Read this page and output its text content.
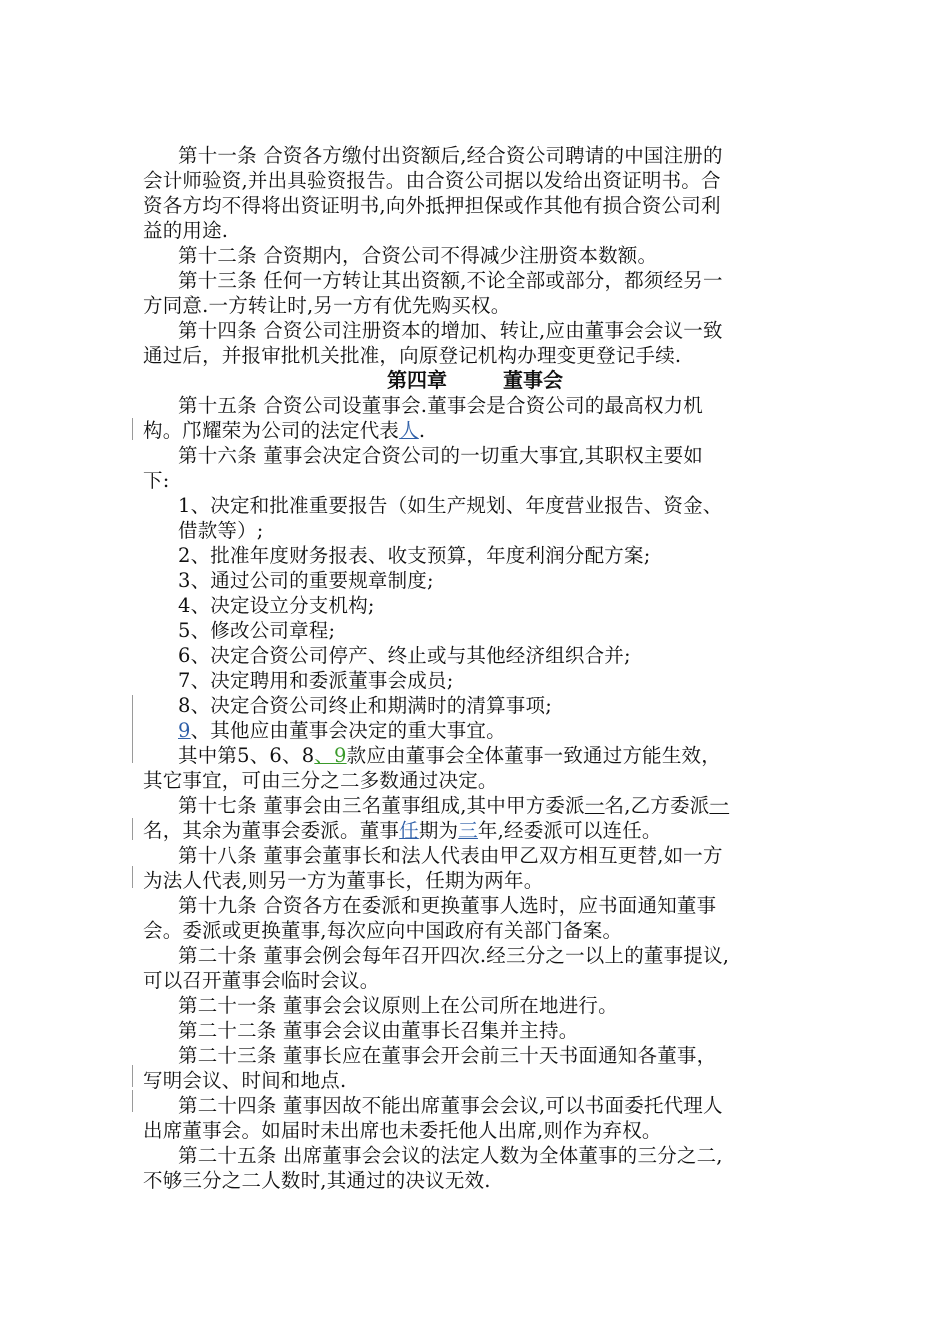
第十一条 合资各方缴付出资额后,经合资公司聘请的中国注册的
会计师验资,并出具验资报告。由合资公司据以发给出资证明书。合
资各方均不得将出资证明书,向外抵押担保或作其他有损合资公司利
益的用途.
第十二条 合资期内，合资公司不得减少注册资本数额。
第十三条 任何一方转让其出资额,不论全部或部分，都须经另一
方同意.一方转让时,另一方有优先购买权。
第十四条 合资公司注册资本的增加、转让,应由董事会会议一致
通过后，并报审批机关批准，向原登记机构办理变更登记手续.
第四章	董事会
第十五条 合资公司设董事会.董事会是合资公司的最高权力机
构。邝耀荣为公司的法定代表人.
第十六条 董事会决定合资公司的一切重大事宜,其职权主要如
下:
1、决定和批准重要报告（如生产规划、年度营业报告、资金、
借款等）;
2、批准年度财务报表、收支预算，年度利润分配方案;
3、通过公司的重要规章制度;
4、决定设立分支机构;
5、修改公司章程;
6、决定合资公司停产、终止或与其他经济组织合并;
7、决定聘用和委派董事会成员;
8、决定合资公司终止和期满时的清算事项;
9、其他应由董事会决定的重大事宜。
其中第5、6、8、9款应由董事会全体董事一致通过方能生效，
其它事宜，可由三分之二多数通过决定。
第十七条 董事会由三名董事组成,其中甲方委派一名,乙方委派一
名，其余为董事会委派。董事任期为三年,经委派可以连任。
第十八条 董事会董事长和法人代表由甲乙双方相互更替,如一方
为法人代表,则另一方为董事长，任期为两年。
第十九条 合资各方在委派和更换董事人选时，应书面通知董事
会。委派或更换董事,每次应向中国政府有关部门备案。
第二十条 董事会例会每年召开四次.经三分之一以上的董事提议,
可以召开董事会临时会议。
第二十一条 董事会会议原则上在公司所在地进行。
第二十二条 董事会会议由董事长召集并主持。
第二十三条 董事长应在董事会开会前三十天书面通知各董事，
写明会议、时间和地点.
第二十四条 董事因故不能出席董事会会议,可以书面委托代理人
出席董事会。如届时未出席也未委托他人出席,则作为弃权。
第二十五条 出席董事会会议的法定人数为全体董事的三分之二,
不够三分之二人数时,其通过的决议无效.
